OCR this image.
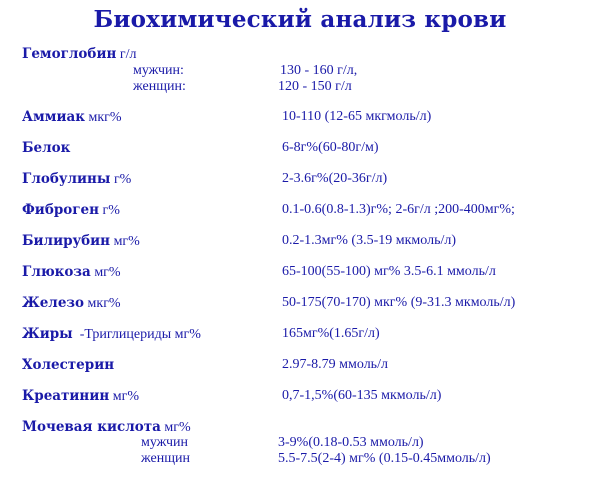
Биохимический анализ крови
Гемоглобин г/л
мужчин:	130 - 160 г/л,
женщин:	120 - 150 г/л
Аммиак мкг%	10-110 (12-65 мкгмоль/л)
Белок	6-8г%(60-80г/м)
Глобулины г%	2-3.6г%(20-36г/л)
Фиброген г%	0.1-0.6(0.8-1.3)г%; 2-6г/л ;200-400мг%;
Билирубин мг%	0.2-1.3мг% (3.5-19 мкмоль/л)
Глюкоза мг%	65-100(55-100) мг% 3.5-6.1 ммоль/л
Железо мкг%	50-175(70-170) мкг% (9-31.3 мкмоль/л)
Жиры  -Триглицериды мг%	165мг%(1.65г/л)
Холестерин	2.97-8.79 ммоль/л
Креатинин мг%	0,7-1,5%(60-135 мкмоль/л)
Мочевая кислота мг%
мужчин	3-9%(0.18-0.53 ммоль/л)
женщин	5.5-7.5(2-4) мг% (0.15-0.45ммоль/л)
